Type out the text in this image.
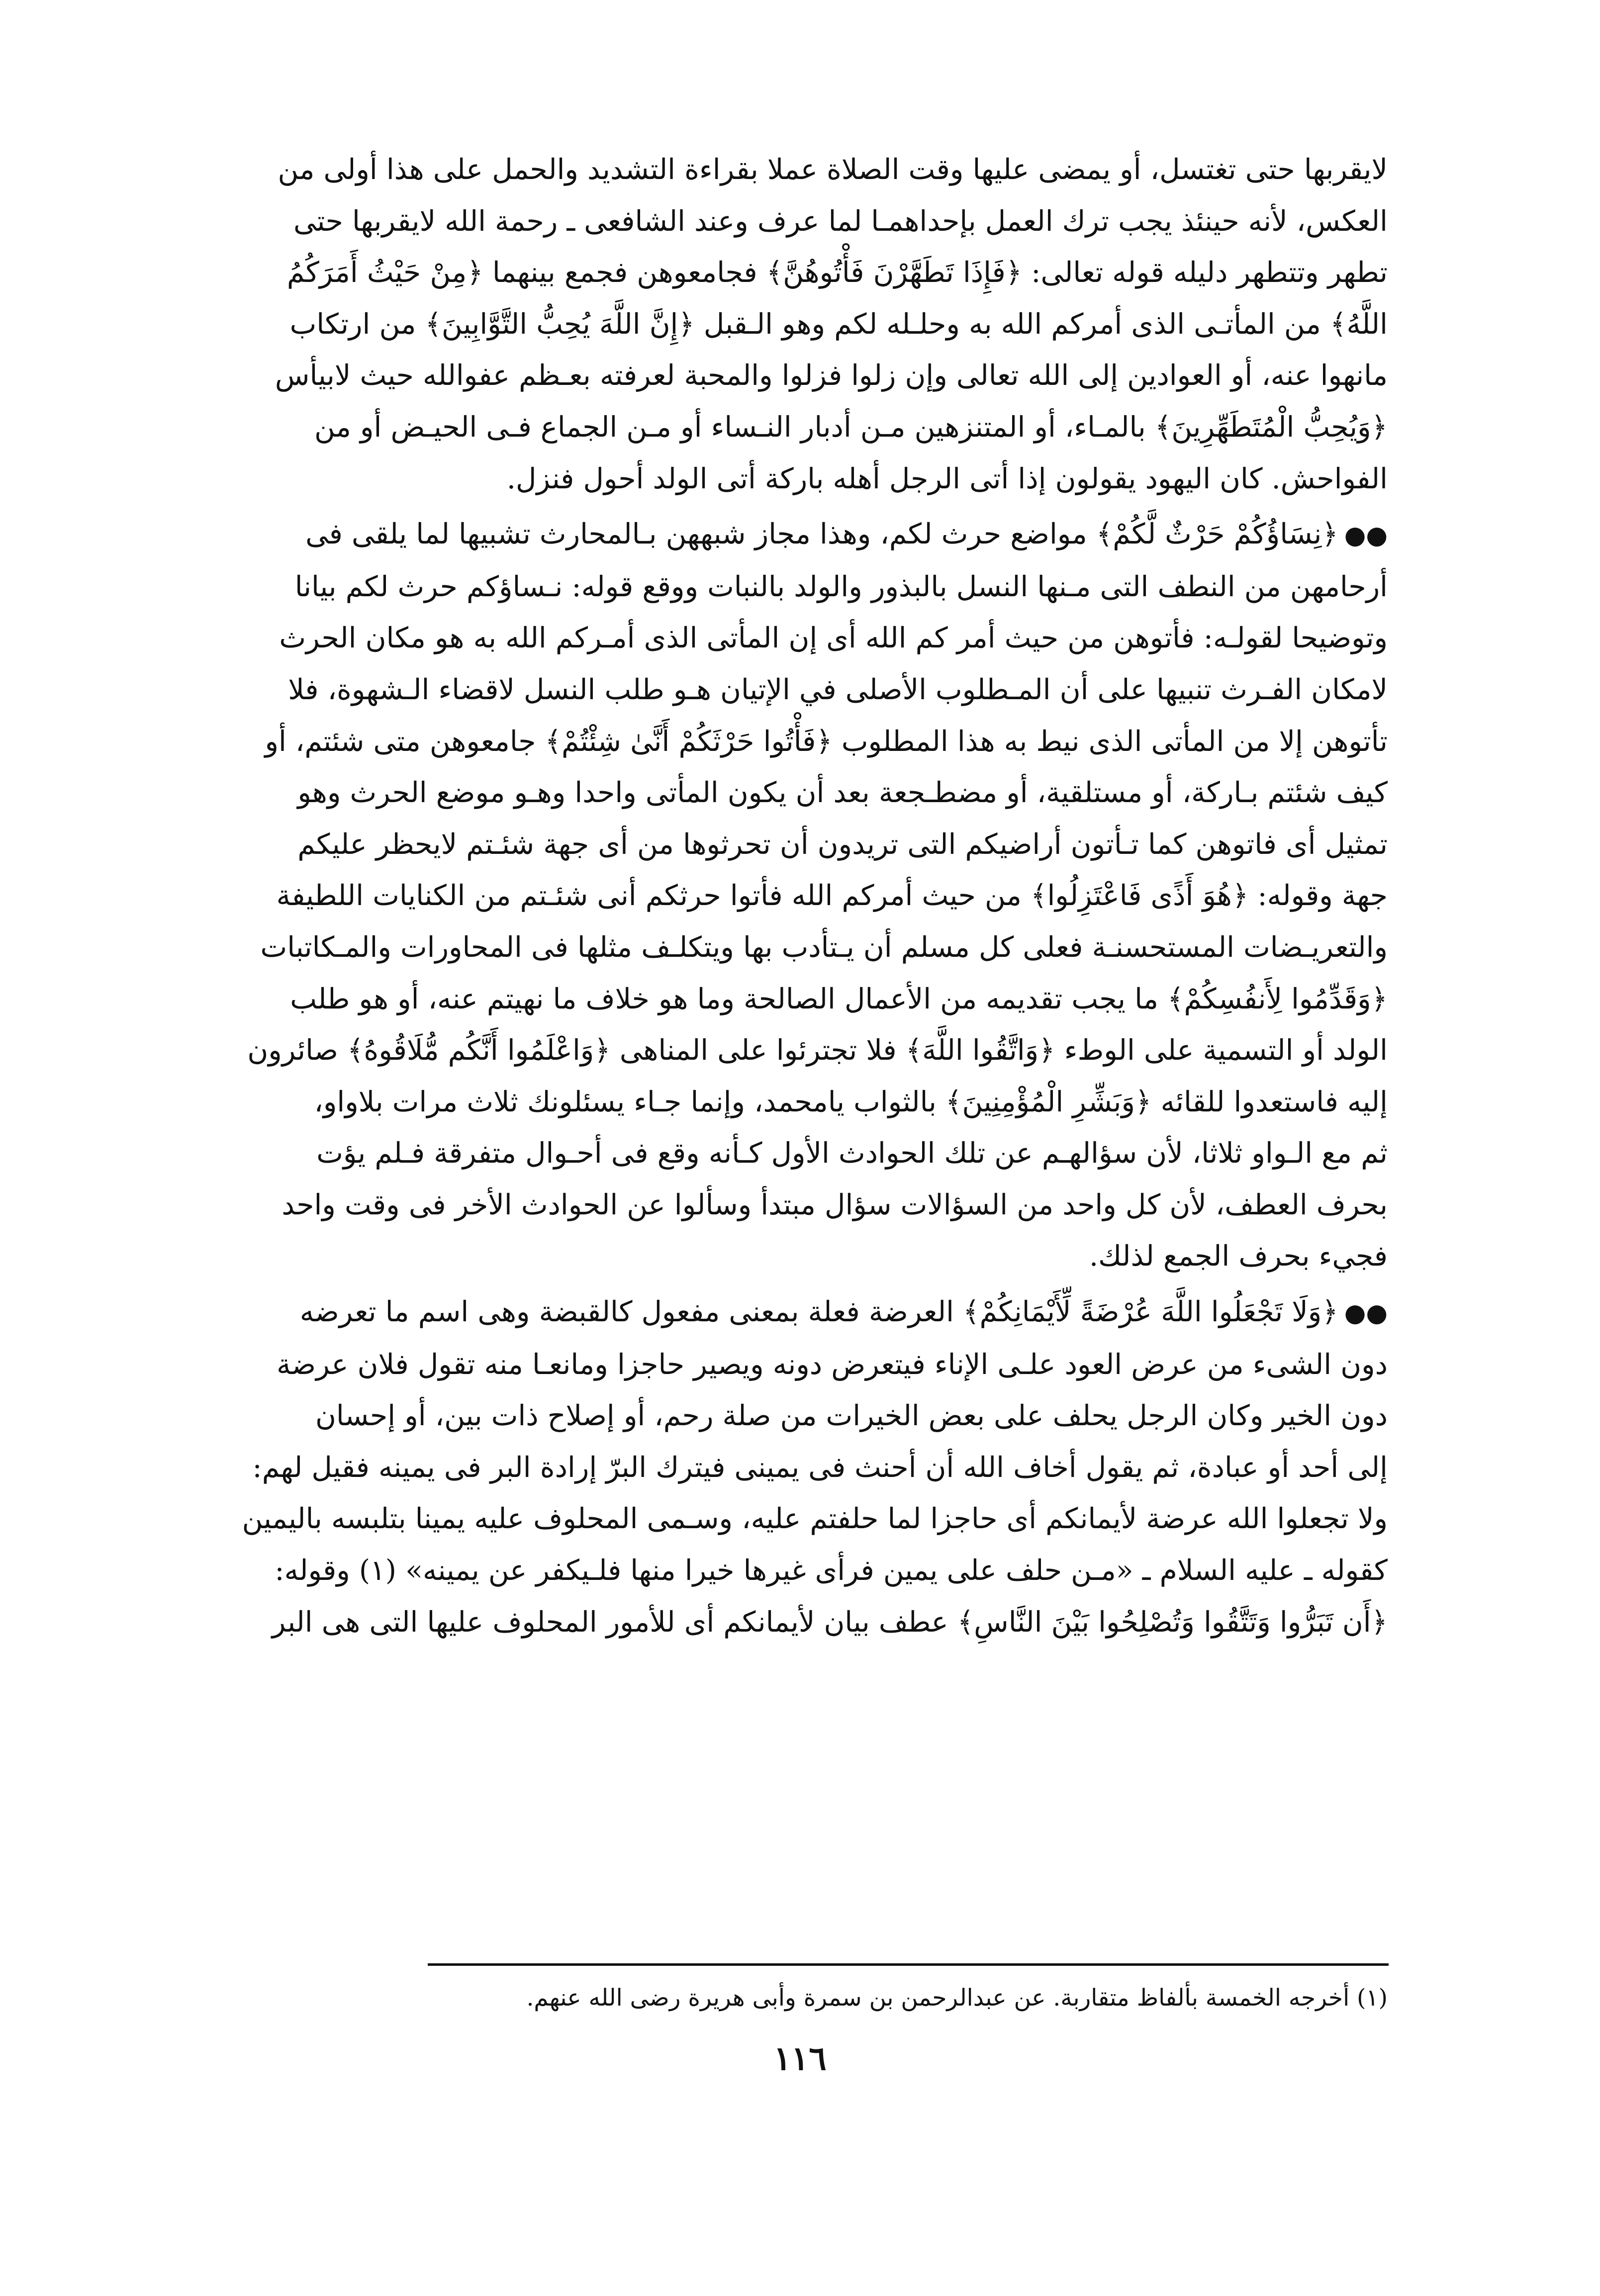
لايقربها حتى تغتسل، أو يمضى عليها وقت الصلاة عملا بقراءة التشديد والحمل على هذا أولى من

العكس، لأنه حينئذ يجب ترك العمل بإحداهمـا لما عرف وعند الشافعى ـ رحمة الله لايقربها حتى

تطهر وتتطهر دليله قوله تعالى: ﴿فَإِذَا تَطَهَّرْنَ فَأْتُوهُنَّ﴾ فجامعوهن فجمع بينهما ﴿مِنْ حَيْثُ أَمَرَكُمُ

اللَّهُ﴾ من المأتـى الذى أمركم الله به وحلـله لكم وهو الـقبل ﴿إِنَّ اللَّهَ يُحِبُّ التَّوَّابِينَ﴾ من ارتكاب

مانهوا عنه، أو العوادين إلى الله تعالى وإن زلوا فزلوا والمحبة لعرفته بعـظم عفوالله حيث لابيأس

﴿وَيُحِبُّ الْمُتَطَهِّرِينَ﴾ بالمـاء، أو المتنزهين مـن أدبار النـساء أو مـن الجماع فـى الحيـض أو من

الفواحش. كان اليهود يقولون إذا أتى الرجل أهله باركة أتى الولد أحول فنزل.

●●﴿نِسَاؤُكُمْ حَرْثٌ لَّكُمْ﴾ مواضع حرث لكم، وهذا مجاز شبههن بـالمحارث تشبيها لما يلقى فى

أرحامهن من النطف التى مـنها النسل بالبذور والولد بالنبات ووقع قوله: نـساؤكم حرث لكم بيانا

وتوضيحا لقولـه: فأتوهن من حيث أمر كم الله أى إن المأتى الذى أمـركم الله به هو مكان الحرث

لامكان الفـرث تنبيها على أن المـطلوب الأصلى في الإتيان هـو طلب النسل لاقضاء الـشهوة، فلا

تأتوهن إلا من المأتى الذى نيط به هذا المطلوب ﴿فَأْتُوا حَرْثَكُمْ أَنَّىٰ شِئْتُمْ﴾ جامعوهن متى شئتم، أو

كيف شئتم بـاركة، أو مستلقية، أو مضطـجعة بعد أن يكون المأتى واحدا وهـو موضع الحرث وهو

تمثيل أى فاتوهن كما تـأتون أراضيكم التى تريدون أن تحرثوها من أى جهة شئـتم لايحظر عليكم

جهة وقوله: ﴿هُوَ أَذًى فَاعْتَزِلُوا﴾ من حيث أمركم الله فأتوا حرثكم أنى شئـتم من الكنايات اللطيفة

والتعريـضات المستحسنـة فعلى كل مسلم أن يـتأدب بها ويتكلـف مثلها فى المحاورات والمـكاتبات

﴿وَقَدِّمُوا لِأَنفُسِكُمْ﴾ ما يجب تقديمه من الأعمال الصالحة وما هو خلاف ما نهيتم عنه، أو هو طلب

الولد أو التسمية على الوطء ﴿وَاتَّقُوا اللَّهَ﴾ فلا تجترئوا على المناهى ﴿وَاعْلَمُوا أَنَّكُم مُّلَاقُوهُ﴾ صائرون

إليه فاستعدوا للقائه ﴿وَبَشِّرِ الْمُؤْمِنِينَ﴾ بالثواب يامحمد، وإنما جـاء يسئلونك ثلاث مرات بلاواو،

ثم مع الـواو ثلاثا، لأن سؤالهـم عن تلك الحوادث الأول كـأنه وقع فى أحـوال متفرقة فـلم يؤت

بحرف العطف، لأن كل واحد من السؤالات سؤال مبتدأ وسألوا عن الحوادث الأخر فى وقت واحد

فجيء بحرف الجمع لذلك.

●●﴿وَلَا تَجْعَلُوا اللَّهَ عُرْضَةً لِّأَيْمَانِكُمْ﴾ العرضة فعلة بمعنى مفعول كالقبضة وهى اسم ما تعرضه

دون الشىء من عرض العود علـى الإناء فيتعرض دونه ويصير حاجزا ومانعـا منه تقول فلان عرضة

دون الخير وكان الرجل يحلف على بعض الخيرات من صلة رحم، أو إصلاح ذات بين، أو إحسان

إلى أحد أو عبادة، ثم يقول أخاف الله أن أحنث فى يمينى فيترك البرّ إرادة البر فى يمينه فقيل لهم:

ولا تجعلوا الله عرضة لأيمانكم أى حاجزا لما حلفتم عليه، وسـمى المحلوف عليه يمينا بتلبسه باليمين

كقوله ـ عليه السلام ـ «مـن حلف على يمين فرأى غيرها خيرا منها فلـيكفر عن يمينه» (١) وقوله:

﴿أَن تَبَرُّوا وَتَتَّقُوا وَتُصْلِحُوا بَيْنَ النَّاسِ﴾ عطف بيان لأيمانكم أى للأمور المحلوف عليها التى هى البر

(١) أخرجه الخمسة بألفاظ متقاربة. عن عبدالرحمن بن سمرة وأبى هريرة رضى الله عنهم.
١١٦
